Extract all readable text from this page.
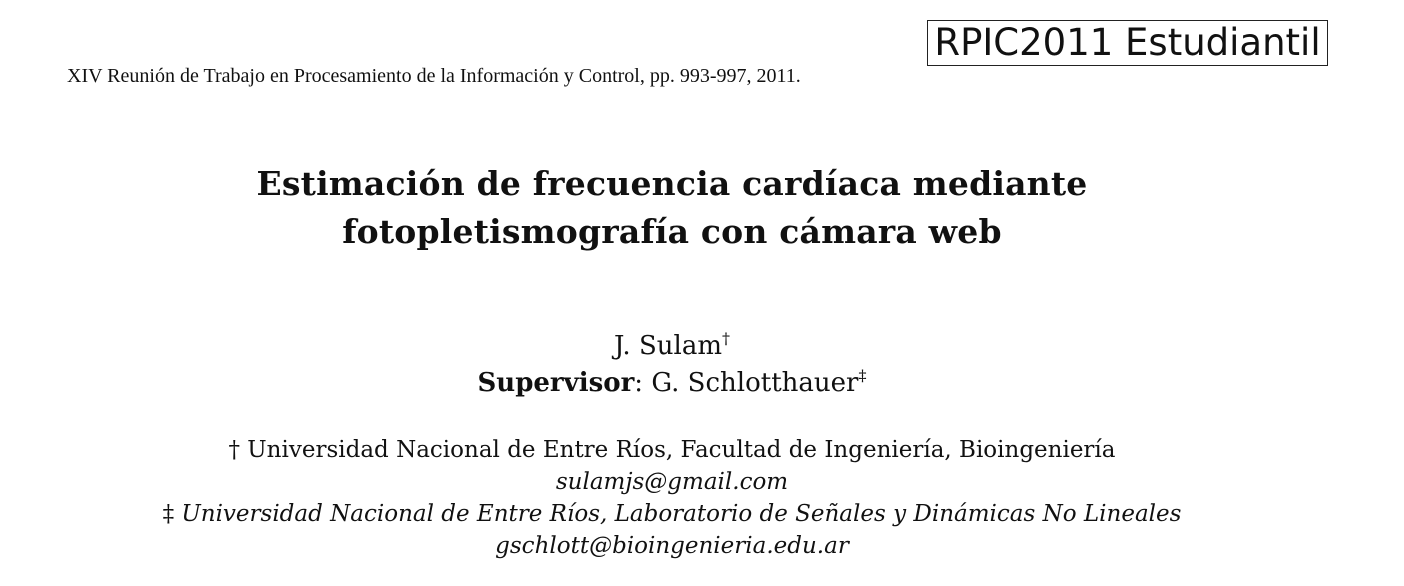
XIV Reunión de Trabajo en Procesamiento de la Información y Control, pp. 993-997, 2011.
RPIC2011 Estudiantil
Estimación de frecuencia cardíaca mediante
fotopletismografía con cámara web
J. Sulam†
Supervisor: G. Schlotthauer‡
† Universidad Nacional de Entre Ríos, Facultad de Ingeniería, Bioingeniería
sulamjs@gmail.com
‡ Universidad Nacional de Entre Ríos, Laboratorio de Señales y Dinámicas No Lineales
gschlott@bioingenieria.edu.ar
